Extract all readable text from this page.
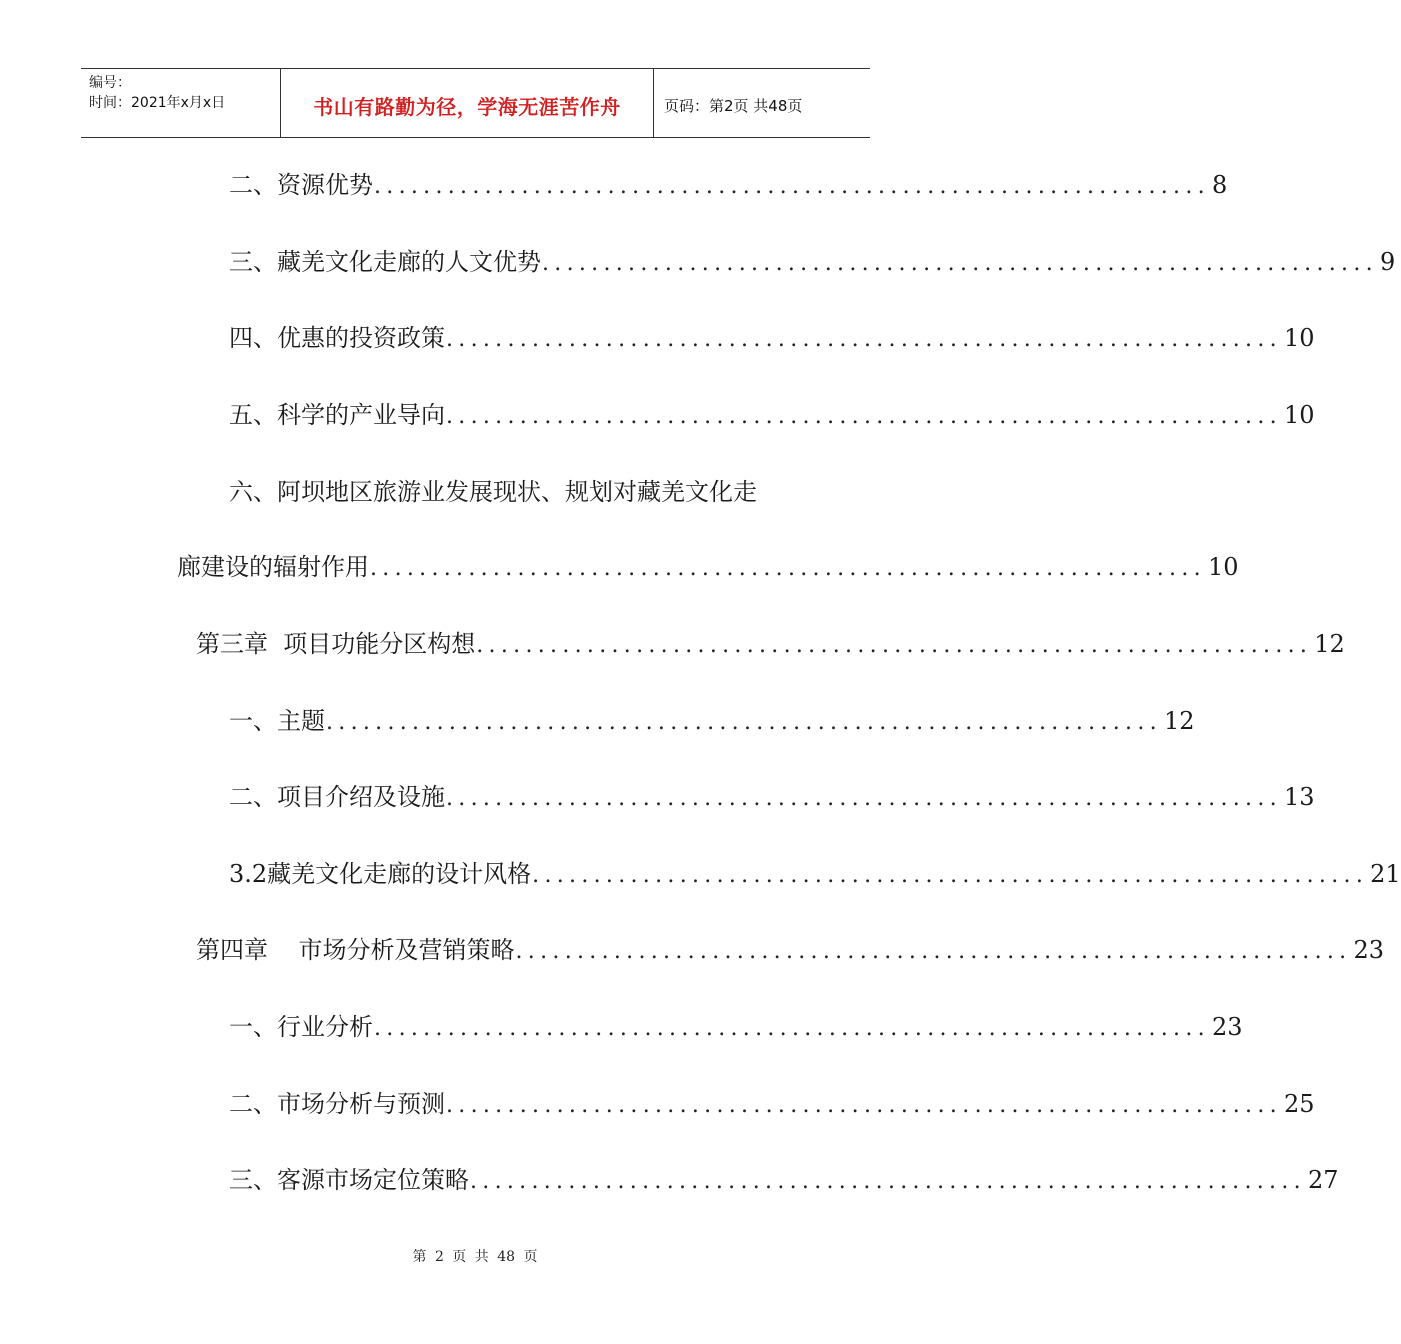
编号：
时间：2021年x月x日	书山有路勤为径，学海无涯苦作舟	页码：第2页 共48页
二、资源优势 .................................................................... 8
三、藏羌文化走廊的人文优势 .................................................................... 9
四、优惠的投资政策 .................................................................... 10
五、科学的产业导向 .................................................................... 10
六、阿坝地区旅游业发展现状、规划对藏羌文化走
廊建设的辐射作用 .................................................................... 10
第三章  项目功能分区构想 .................................................................... 12
一、主题 .................................................................... 12
二、项目介绍及设施 .................................................................... 13
3.2藏羌文化走廊的设计风格 .................................................................... 21
第四章    市场分析及营销策略 .................................................................... 23
一、行业分析 .................................................................... 23
二、市场分析与预测 .................................................................... 25
三、客源市场定位策略 .................................................................... 27
第 2 页 共 48 页
